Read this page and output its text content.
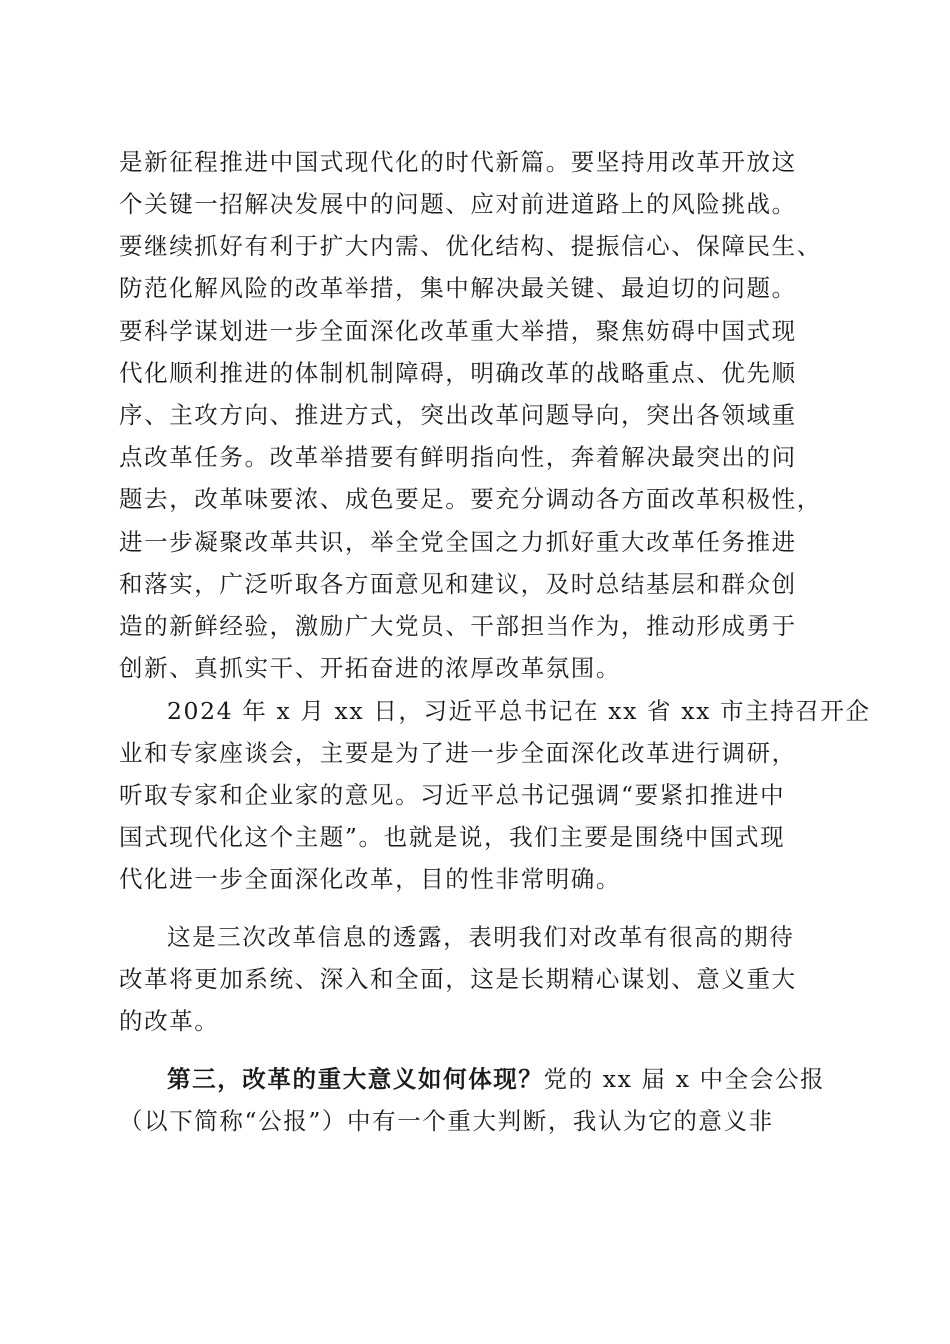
是新征程推进中国式现代化的时代新篇。要坚持用改革开放这
个关键一招解决发展中的问题、应对前进道路上的风险挑战。
要继续抓好有利于扩大内需、优化结构、提振信心、保障民生、
防范化解风险的改革举措，集中解决最关键、最迫切的问题。
要科学谋划进一步全面深化改革重大举措，聚焦妨碍中国式现
代化顺利推进的体制机制障碍，明确改革的战略重点、优先顺
序、主攻方向、推进方式，突出改革问题导向，突出各领域重
点改革任务。改革举措要有鲜明指向性，奔着解决最突出的问
题去，改革味要浓、成色要足。要充分调动各方面改革积极性，
进一步凝聚改革共识，举全党全国之力抓好重大改革任务推进
和落实，广泛听取各方面意见和建议，及时总结基层和群众创
造的新鲜经验，激励广大党员、干部担当作为，推动形成勇于
创新、真抓实干、开拓奋进的浓厚改革氛围。
2024 年 x 月 xx 日，习近平总书记在 xx 省 xx 市主持召开企
业和专家座谈会，主要是为了进一步全面深化改革进行调研，
听取专家和企业家的意见。习近平总书记强调“要紧扣推进中
国式现代化这个主题”。也就是说，我们主要是围绕中国式现
代化进一步全面深化改革，目的性非常明确。
这是三次改革信息的透露，表明我们对改革有很高的期待
改革将更加系统、深入和全面，这是长期精心谋划、意义重大
的改革。
第三，改革的重大意义如何体现？党的 xx 届 x 中全会公报
（以下简称“公报”）中有一个重大判断，我认为它的意义非
